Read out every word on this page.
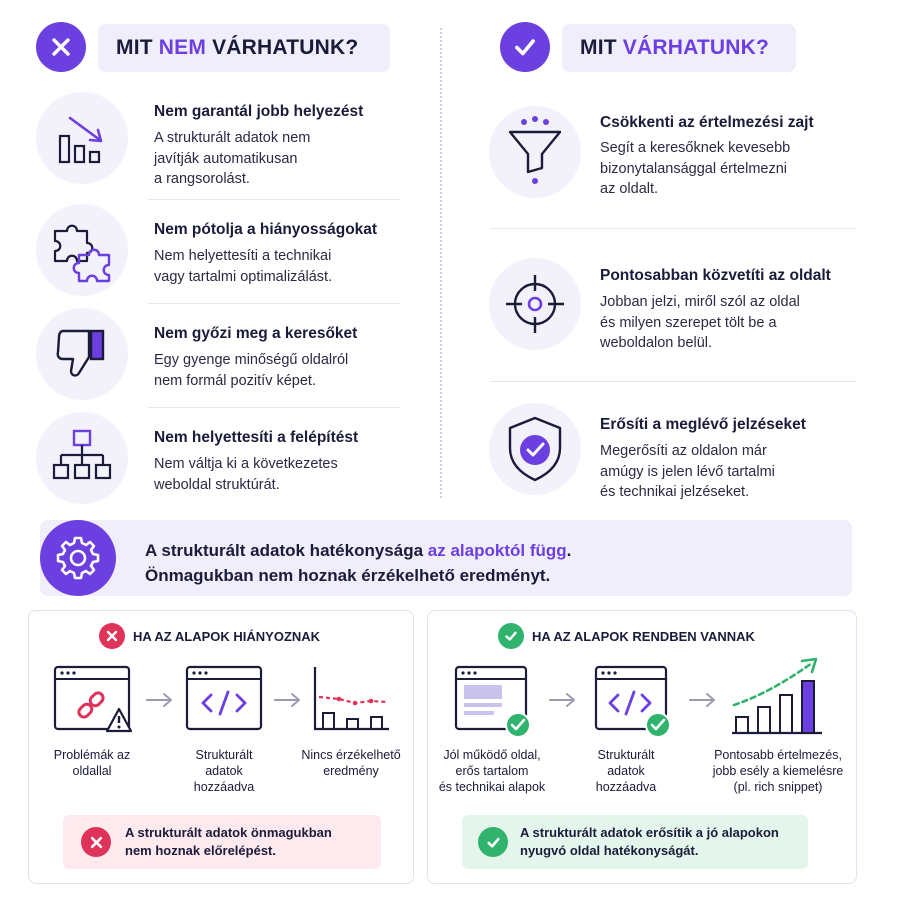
MIT NEM VÁRHATUNK?	MIT VÁRHATUNK?
Nem garantál jobb helyezést
A strukturált adatok nem
javítják automatikusan
a rangsorolást.
Nem pótolja a hiányosságokat
Nem helyettesíti a technikai
vagy tartalmi optimalizálást.
Nem győzi meg a keresőket
Egy gyenge minőségű oldalról
nem formál pozitív képet.
Nem helyettesíti a felépítést
Nem váltja ki a következetes
weboldal struktúrát.
Csökkenti az értelmezési zajt
Segít a keresőknek kevesebb
bizonytalansággal értelmezni
az oldalt.
Pontosabban közvetíti az oldalt
Jobban jelzi, miről szól az oldal
és milyen szerepet tölt be a
weboldalon belül.
Erősíti a meglévő jelzéseket
Megerősíti az oldalon már
amúgy is jelen lévő tartalmi
és technikai jelzéseket.
A strukturált adatok hatékonysága az alapoktól függ.
Önmagukban nem hoznak érzékelhető eredményt.
HA AZ ALAPOK HIÁNYOZNAK
Problémák az
oldallal
Strukturált
adatok
hozzáadva
Nincs érzékelhető
eredmény
A strukturált adatok önmagukban
nem hoznak előrelépést.
HA AZ ALAPOK RENDBEN VANNAK
Jól működő oldal,
erős tartalom
és technikai alapok
Strukturált
adatok
hozzáadva
Pontosabb értelmezés,
jobb esély a kiemelésre
(pl. rich snippet)
A strukturált adatok erősítik a jó alapokon
nyugvó oldal hatékonyságát.
